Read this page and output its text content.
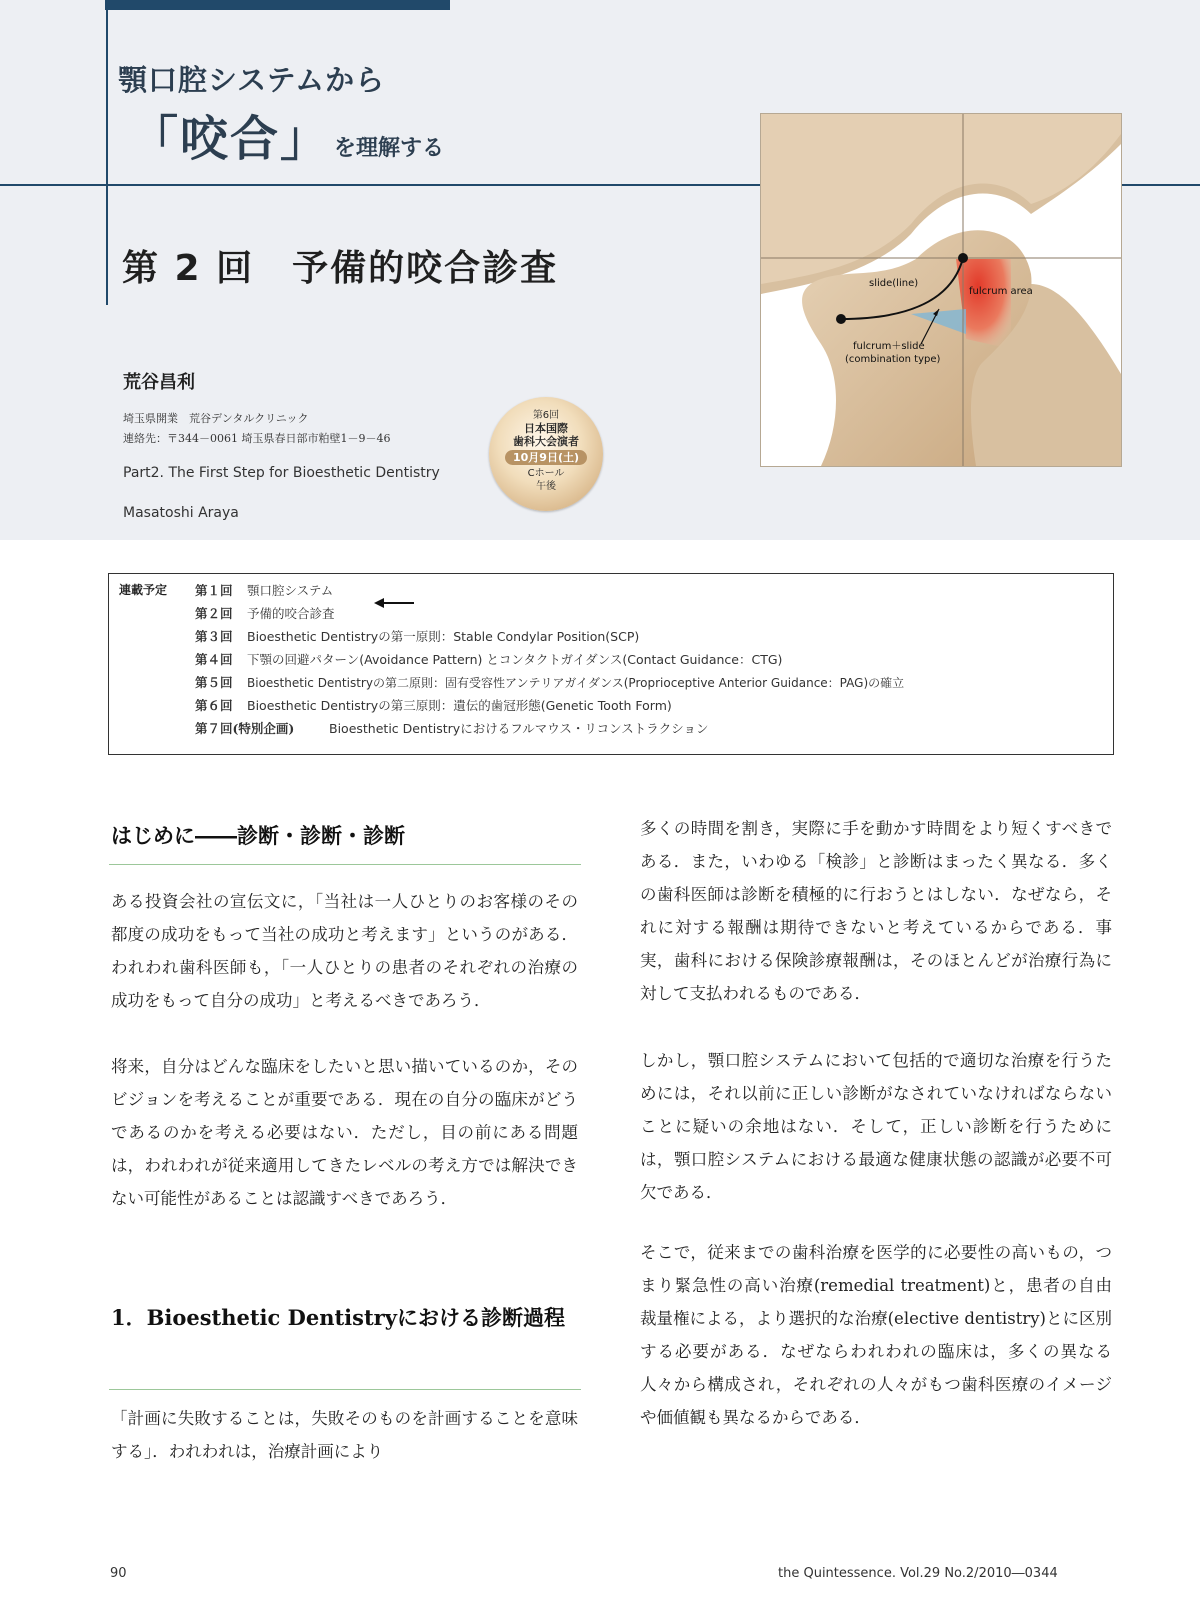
顎口腔システムから
「咬合」 を理解する
第 2 回　予備的咬合診査
荒谷昌利
埼玉県開業　荒谷デンタルクリニック
連絡先：〒344－0061 埼玉県春日部市粕壁1－9－46
Part2. The First Step for Bioesthetic Dentistry
Masatoshi Araya
第6回
日本国際
歯科大会演者
10月9日(土)
Cホール
午後
slide(line)
fulcrum area
fulcrum＋slide
(combination type)
連載予定 第１回 顎口腔システム
第２回 予備的咬合診査
第３回 Bioesthetic Dentistryの第一原則：Stable Condylar Position(SCP)
第４回 下顎の回避パターン(Avoidance Pattern) とコンタクトガイダンス(Contact Guidance：CTG)
第５回 Bioesthetic Dentistryの第二原則：固有受容性アンテリアガイダンス(Proprioceptive Anterior Guidance：PAG)の確立
第６回 Bioesthetic Dentistryの第三原則：遺伝的歯冠形態(Genetic Tooth Form)
第７回(特別企画)	Bioesthetic Dentistryにおけるフルマウス・リコンストラクション
はじめに――診断・診断・診断
ある投資会社の宣伝文に，「当社は一人ひとりのお客様のその都度の成功をもって当社の成功と考えます」というのがある．われわれ歯科医師も，「一人ひとりの患者のそれぞれの治療の成功をもって自分の成功」と考えるべきであろう．
将来，自分はどんな臨床をしたいと思い描いているのか，そのビジョンを考えることが重要である．現在の自分の臨床がどうであるのかを考える必要はない．ただし，目の前にある問題は，われわれが従来適用してきたレベルの考え方では解決できない可能性があることは認識すべきであろう．
1．Bioesthetic Dentistryにおける診断過程
「計画に失敗することは，失敗そのものを計画することを意味する」．われわれは，治療計画により
多くの時間を割き，実際に手を動かす時間をより短くすべきである．また，いわゆる「検診」と診断はまったく異なる．多くの歯科医師は診断を積極的に行おうとはしない．なぜなら，それに対する報酬は期待できないと考えているからである．事実，歯科における保険診療報酬は，そのほとんどが治療行為に対して支払われるものである．
しかし，顎口腔システムにおいて包括的で適切な治療を行うためには，それ以前に正しい診断がなされていなければならないことに疑いの余地はない．そして，正しい診断を行うためには，顎口腔システムにおける最適な健康状態の認識が必要不可欠である．
そこで，従来までの歯科治療を医学的に必要性の高いもの，つまり緊急性の高い治療(remedial treatment)と，患者の自由裁量権による，より選択的な治療(elective dentistry)とに区別する必要がある．なぜならわれわれの臨床は，多くの異なる人々から構成され，それぞれの人々がもつ歯科医療のイメージや価値観も異なるからである．
90	the Quintessence. Vol.29 No.2/2010―0344
